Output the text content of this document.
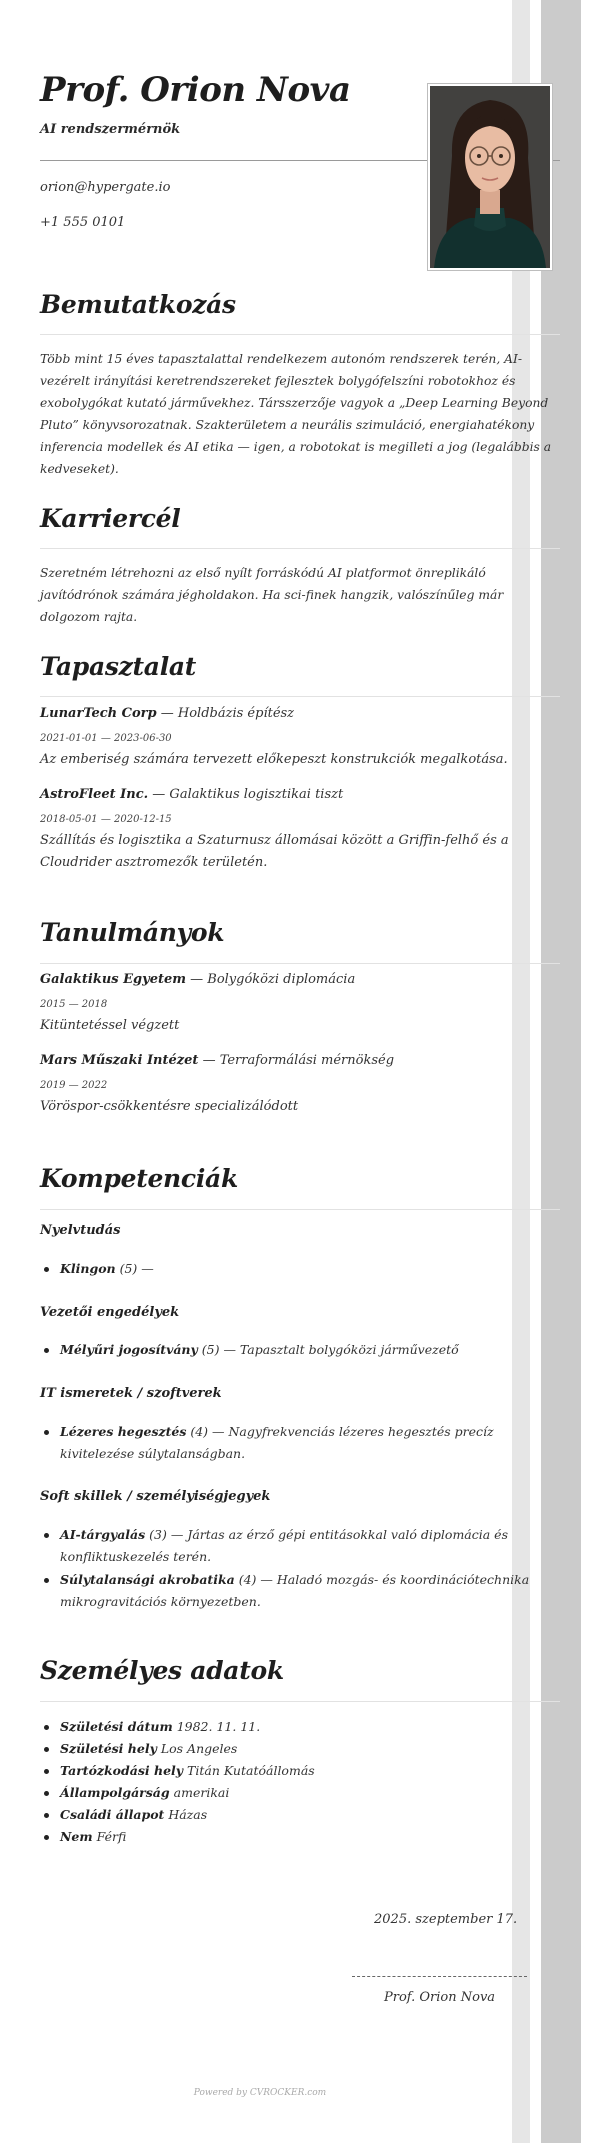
Prof. Orion Nova
AI rendszermérnök
orion@hypergate.io
+1 555 0101
Bemutatkozás
Több mint 15 éves tapasztalattal rendelkezem autonóm rendszerek terén, AI-vezérelt irányítási keretrendszereket fejlesztek bolygófelszíni robotokhoz és exobolygókat kutató járművekhez. Társszerzője vagyok a „Deep Learning Beyond Pluto” könyvsorozatnak. Szakterületem a neurális szimuláció, energiahatékony inferencia modellek és AI etika — igen, a robotokat is megilleti a jog (legalábbis a kedveseket).
Karriercél
Szeretném létrehozni az első nyílt forráskódú AI platformot önreplikáló javítódrónok számára jégholdakon. Ha sci-finek hangzik, valószínűleg már dolgozom rajta.
Tapasztalat
LunarTech Corp — Holdbázis építész
2021-01-01 — 2023-06-30
Az emberiség számára tervezett előkepeszt konstrukciók megalkotása.
AstroFleet Inc. — Galaktikus logisztikai tiszt
2018-05-01 — 2020-12-15
Szállítás és logisztika a Szaturnusz állomásai között a Griffin-felhő és a Cloudrider asztromezők területén.
Tanulmányok
Galaktikus Egyetem — Bolygóközi diplomácia
2015 — 2018
Kitüntetéssel végzett
Mars Műszaki Intézet — Terraformálási mérnökség
2019 — 2022
Vöröspor-csökkentésre specializálódott
Kompetenciák
Nyelvtudás
Klingon (5) —
Vezetői engedélyek
Mélyűri jogosítvány (5) — Tapasztalt bolygóközi járművezető
IT ismeretek / szoftverek
Lézeres hegesztés (4) — Nagyfrekvenciás lézeres hegesztés precíz kivitelezése súlytalanságban.
Soft skillek / személyiségjegyek
AI-tárgyalás (3) — Jártas az érző gépi entitásokkal való diplomácia és konfliktuskezelés terén.
Súlytalansági akrobatika (4) — Haladó mozgás- és koordinációtechnika mikrogravitációs környezetben.
Személyes adatok
Születési dátum 1982. 11. 11.
Születési hely Los Angeles
Tartózkodási hely Titán Kutatóállomás
Állampolgárság amerikai
Családi állapot Házas
Nem Férfi
2025. szeptember 17.
Prof. Orion Nova
Powered by CVROCKER.com
